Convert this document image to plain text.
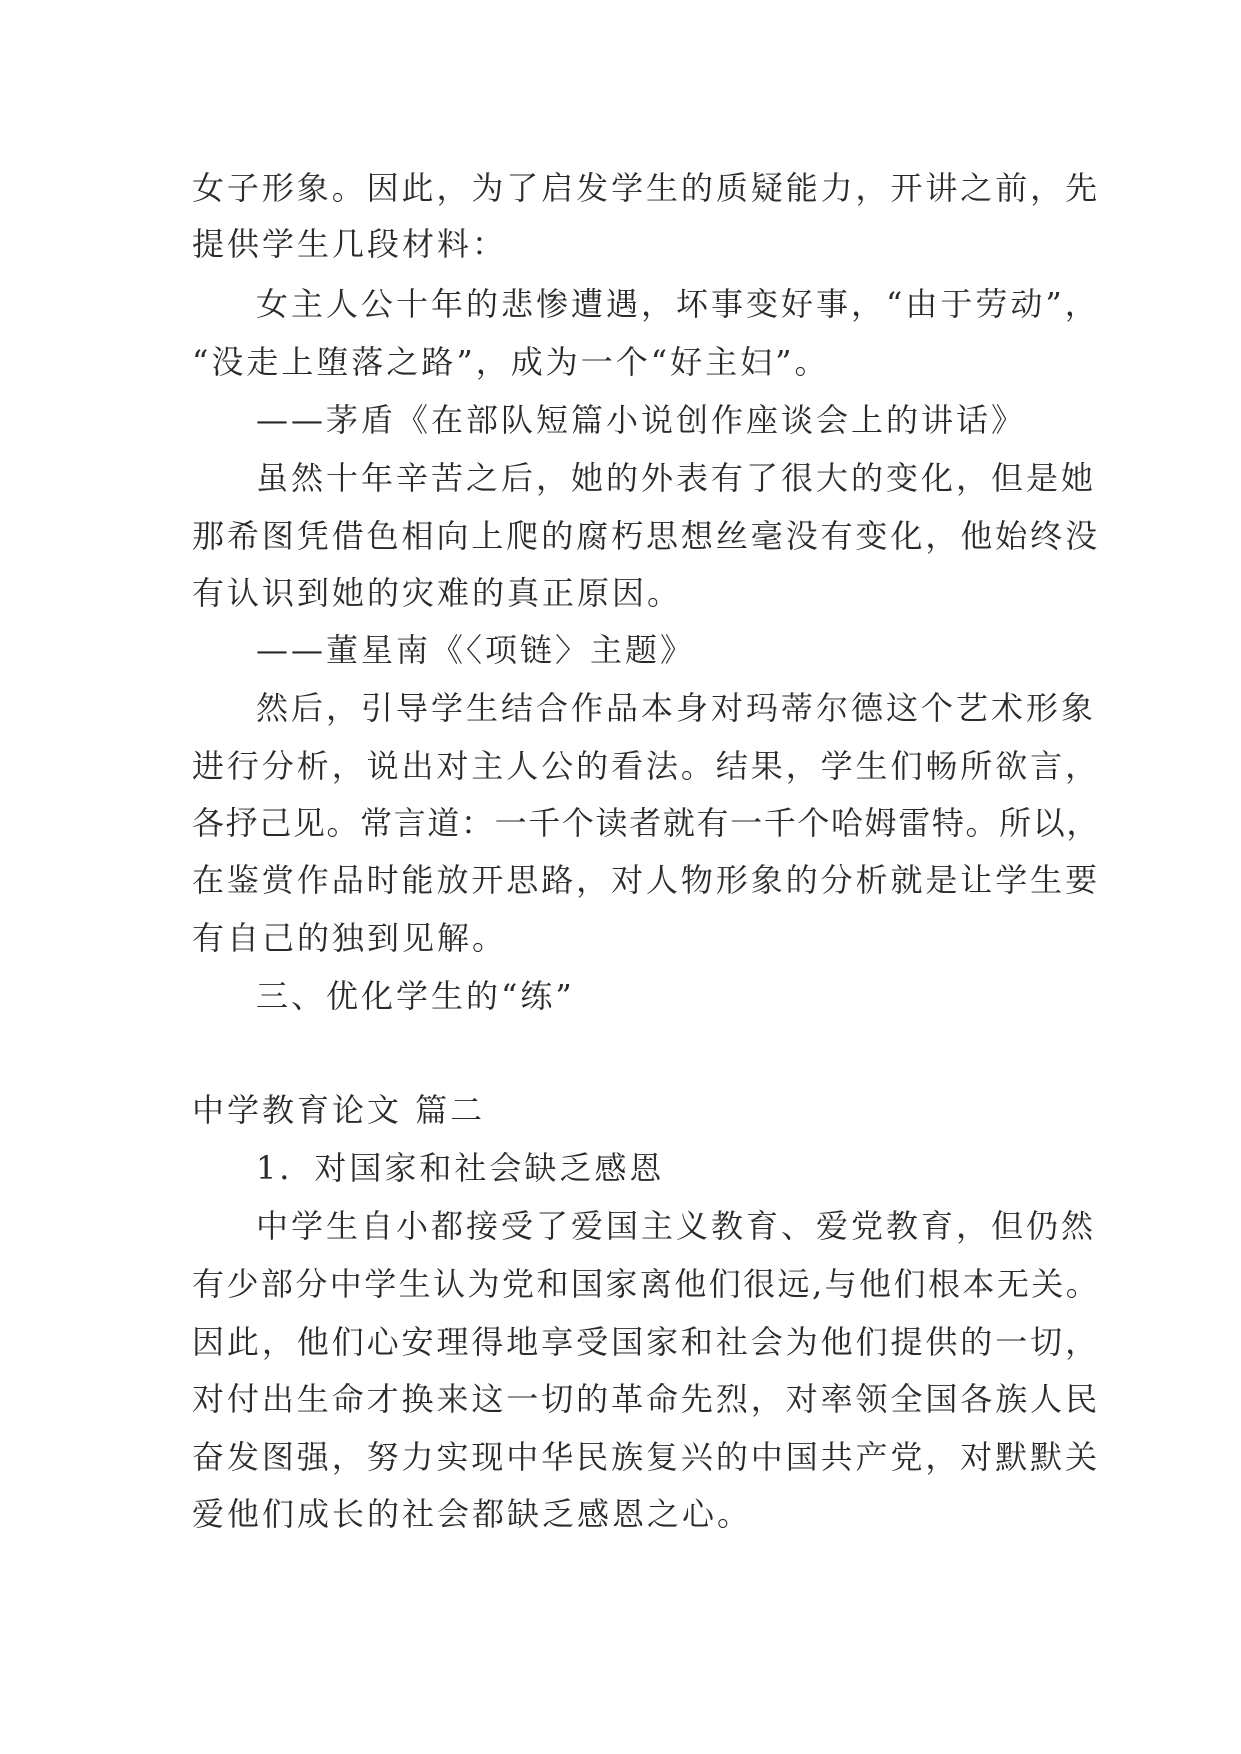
女子形象。因此，为了启发学生的质疑能力，开讲之前，先
提供学生几段材料：
女主人公十年的悲惨遭遇，坏事变好事，“由于劳动”，
“没走上堕落之路”，成为一个“好主妇”。
——茅盾《在部队短篇小说创作座谈会上的讲话》
虽然十年辛苦之后，她的外表有了很大的变化，但是她
那希图凭借色相向上爬的腐朽思想丝毫没有变化，他始终没
有认识到她的灾难的真正原因。
——董星南《〈项链〉主题》
然后，引导学生结合作品本身对玛蒂尔德这个艺术形象
进行分析，说出对主人公的看法。结果，学生们畅所欲言，
各抒己见。常言道：一千个读者就有一千个哈姆雷特。所以，
在鉴赏作品时能放开思路，对人物形象的分析就是让学生要
有自己的独到见解。
三、优化学生的“练”
中学教育论文 篇二
1．对国家和社会缺乏感恩
中学生自小都接受了爱国主义教育、爱党教育，但仍然
有少部分中学生认为党和国家离他们很远,与他们根本无关。
因此，他们心安理得地享受国家和社会为他们提供的一切，
对付出生命才换来这一切的革命先烈，对率领全国各族人民
奋发图强，努力实现中华民族复兴的中国共产党，对默默关
爱他们成长的社会都缺乏感恩之心。
